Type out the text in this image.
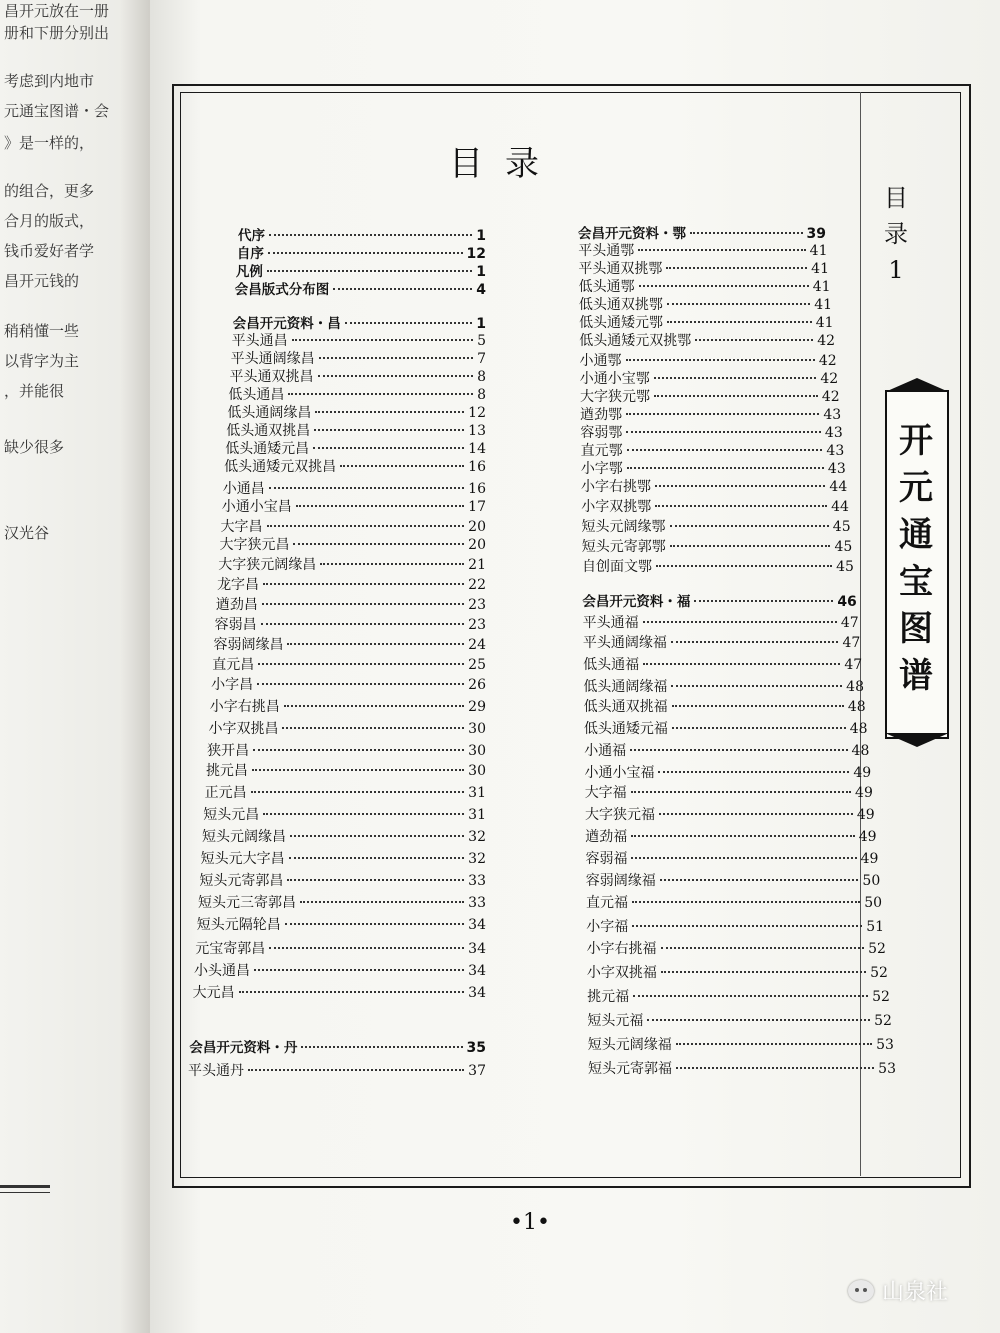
昌开元放在一册
册和下册分别出
考虑到内地市
元通宝图谱・会
》是一样的，
的组合，更多
合月的版式，
钱币爱好者学
昌开元钱的
稍稍懂一些
以背字为主
，并能很
缺少很多
汉光谷
目录
目
录
1
开
元
通
宝
图
谱
代序	1
自序	12
凡例	1
会昌版式分布图	4
会昌开元资料・昌	1
平头通昌	5
平头通阔缘昌	7
平头通双挑昌	8
低头通昌	8
低头通阔缘昌	12
低头通双挑昌	13
低头通矮元昌	14
低头通矮元双挑昌	16
小通昌	16
小通小宝昌	17
大字昌	20
大字狭元昌	20
大字狭元阔缘昌	21
龙字昌	22
遒劲昌	23
容弱昌	23
容弱阔缘昌	24
直元昌	25
小字昌	26
小字右挑昌	29
小字双挑昌	30
狭开昌	30
挑元昌	30
正元昌	31
短头元昌	31
短头元阔缘昌	32
短头元大字昌	32
短头元寄郭昌	33
短头元三寄郭昌	33
短头元隔轮昌	34
元宝寄郭昌	34
小头通昌	34
大元昌	34
会昌开元资料・丹	35
平头通丹	37
会昌开元资料・鄂	39
平头通鄂	41
平头通双挑鄂	41
低头通鄂	41
低头通双挑鄂	41
低头通矮元鄂	41
低头通矮元双挑鄂	42
小通鄂	42
小通小宝鄂	42
大字狭元鄂	42
遒劲鄂	43
容弱鄂	43
直元鄂	43
小字鄂	43
小字右挑鄂	44
小字双挑鄂	44
短头元阔缘鄂	45
短头元寄郭鄂	45
自创面文鄂	45
会昌开元资料・福	46
平头通福	47
平头通阔缘福	47
低头通福	47
低头通阔缘福	48
低头通双挑福	48
低头通矮元福	48
小通福	48
小通小宝福	49
大字福	49
大字狭元福	49
遒劲福	49
容弱福	49
容弱阔缘福	50
直元福	50
小字福	51
小字右挑福	52
小字双挑福	52
挑元福	52
短头元福	52
短头元阔缘福	53
短头元寄郭福	53
•1•
山泉社
